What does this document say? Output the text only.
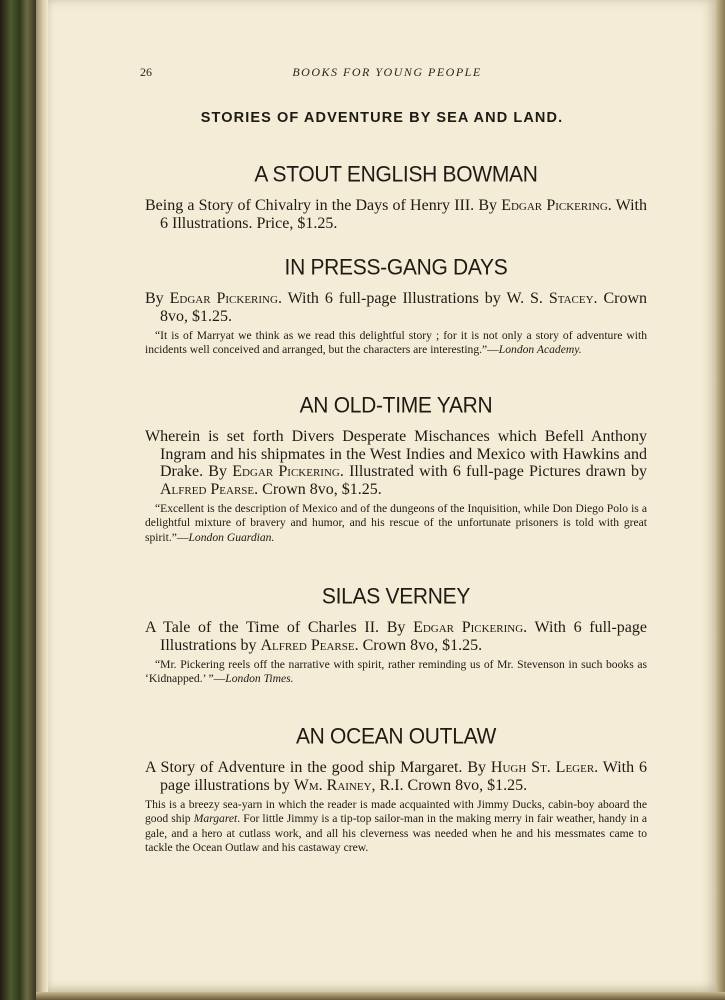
26	BOOKS FOR YOUNG PEOPLE
STORIES OF ADVENTURE BY SEA AND LAND.
A STOUT ENGLISH BOWMAN

Being a Story of Chivalry in the Days of Henry III. By Edgar Pickering. With 6 Illustrations. Price, $1.25.

IN PRESS-GANG DAYS

By Edgar Pickering. With 6 full-page Illustrations by W. S. Stacey. Crown 8vo, $1.25.

“It is of Marryat we think as we read this delightful story ; for it is not only a story of adventure with incidents well conceived and arranged, but the characters are interesting.”—London Academy.

AN OLD-TIME YARN

Wherein is set forth Divers Desperate Mischances which Befell Anthony Ingram and his shipmates in the West Indies and Mexico with Hawkins and Drake. By Edgar Pickering. Illustrated with 6 full-page Pictures drawn by Alfred Pearse. Crown 8vo, $1.25.

“Excellent is the description of Mexico and of the dungeons of the Inquisition, while Don Diego Polo is a delightful mixture of bravery and humor, and his rescue of the unfortunate prisoners is told with great spirit.”—London Guardian.

SILAS VERNEY

A Tale of the Time of Charles II. By Edgar Pickering. With 6 full-page Illustrations by Alfred Pearse. Crown 8vo, $1.25.

“Mr. Pickering reels off the narrative with spirit, rather reminding us of Mr. Stevenson in such books as ‘Kidnapped.’ ”—London Times.

AN OCEAN OUTLAW

A Story of Adventure in the good ship Margaret. By Hugh St. Leger. With 6 page illustrations by Wm. Rainey, R.I. Crown 8vo, $1.25.

This is a breezy sea-yarn in which the reader is made acquainted with Jimmy Ducks, cabin-boy aboard the good ship Margaret. For little Jimmy is a tip-top sailor-man in the making merry in fair weather, handy in a gale, and a hero at cutlass work, and all his cleverness was needed when he and his messmates came to tackle the Ocean Outlaw and his castaway crew.
